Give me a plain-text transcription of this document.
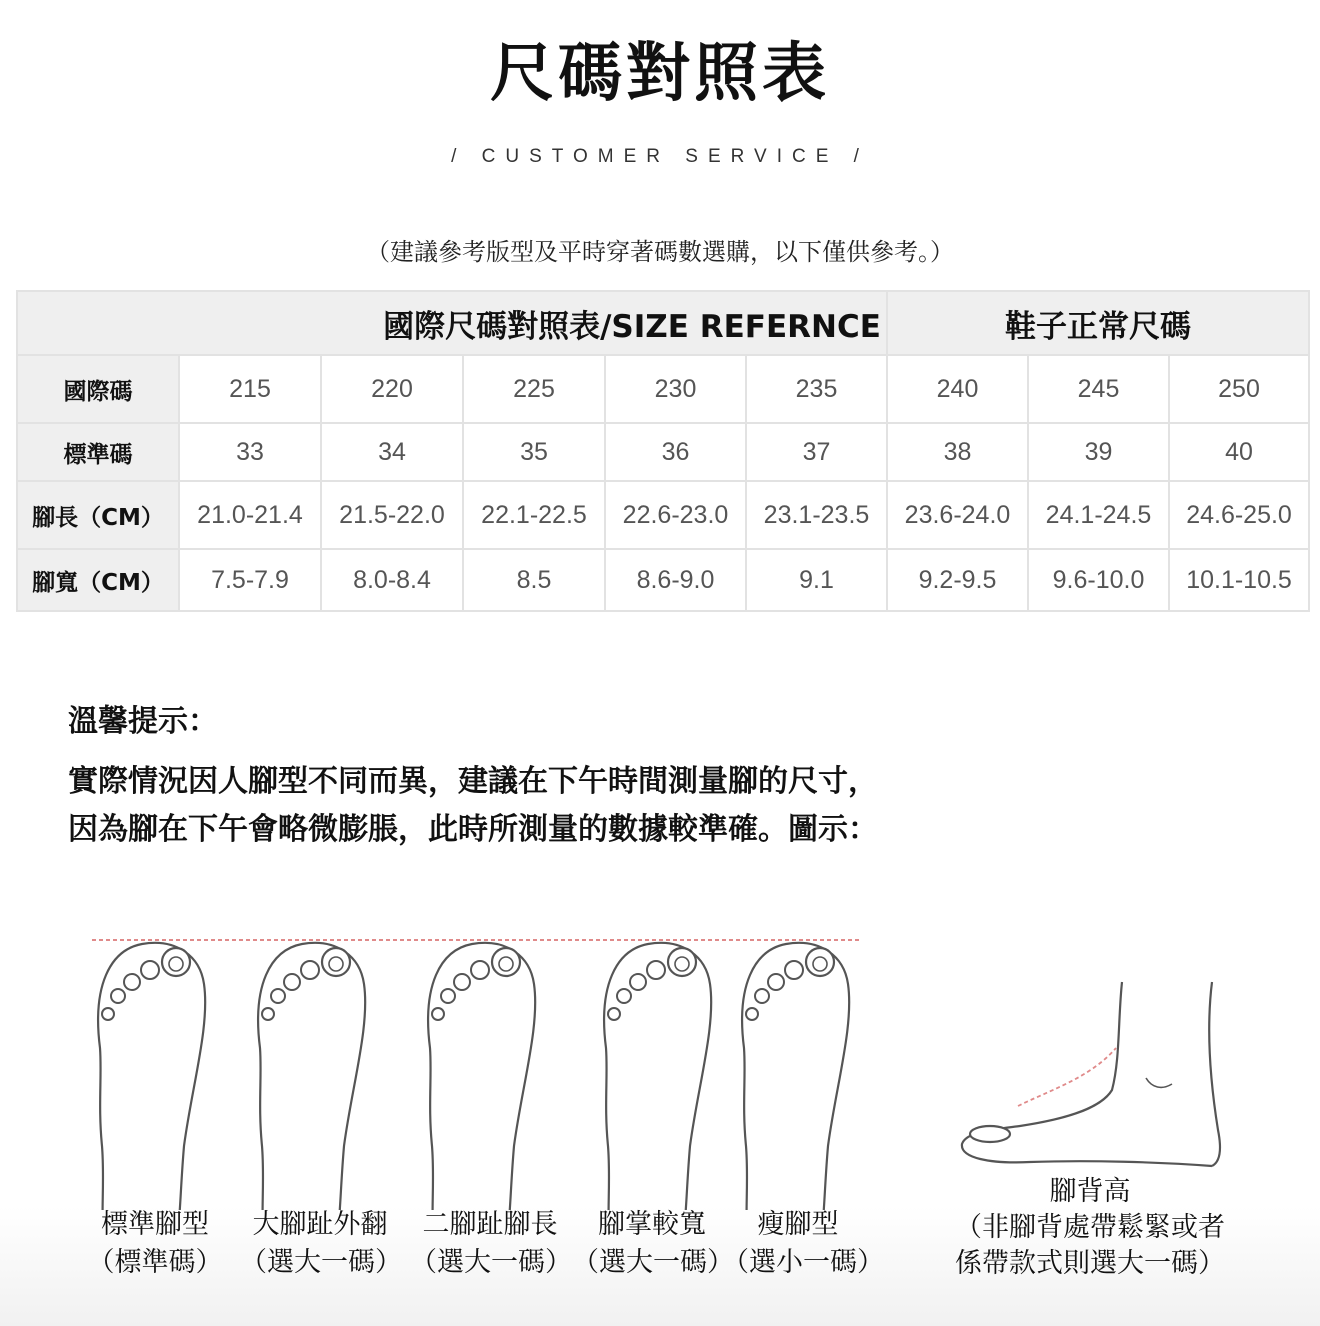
尺碼對照表
/ CUSTOMER SERVICE /
（建議參考版型及平時穿著碼數選購，以下僅供參考。）
國際尺碼對照表/SIZE REFERNCE						鞋子正常尺碼		
國際碼	215	220	225	230	235	240	245	250
標準碼	33	34	35	36	37	38	39	40
腳長（CM）	21.0-21.4	21.5-22.0	22.1-22.5	22.6-23.0	23.1-23.5	23.6-24.0	24.1-24.5	24.6-25.0
腳寬（CM）	7.5-7.9	8.0-8.4	8.5	8.6-9.0	9.1	9.2-9.5	9.6-10.0	10.1-10.5
溫馨提示：
實際情況因人腳型不同而異，建議在下午時間測量腳的尺寸，
因為腳在下午會略微膨脹，此時所測量的數據較準確。圖示：
標準腳型
（標準碼）
大腳趾外翻
（選大一碼）
二腳趾腳長
（選大一碼）
腳掌較寬
（選大一碼）
瘦腳型
（選小一碼）
腳背高
（非腳背處帶鬆緊或者
係帶款式則選大一碼）
